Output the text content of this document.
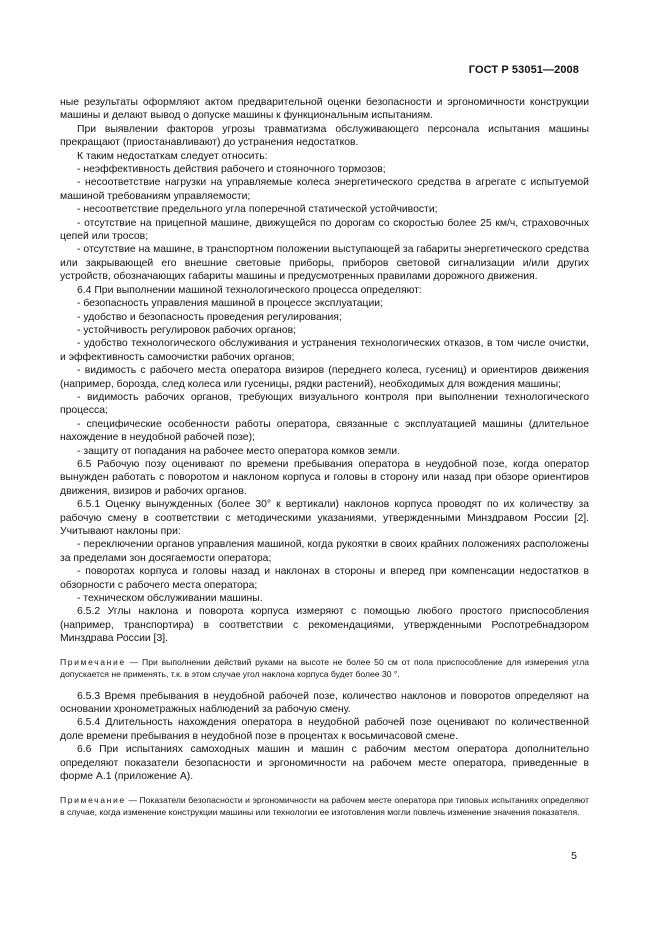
ГОСТ Р 53051—2008

ные результаты оформляют актом предварительной оценки безопасности и эргономичности конструкции машины и делают вывод о допуске машины к функциональным испытаниям.

При выявлении факторов угрозы травматизма обслуживающего персонала испытания машины прекращают (приостанавливают) до устранения недостатков.

К таким недостаткам следует относить:

- неэффективность действия рабочего и стояночного тормозов;

- несоответствие нагрузки на управляемые колеса энергетического средства в агрегате с испытуемой машиной требованиям управляемости;

- несоответствие предельного угла поперечной статической устойчивости;

- отсутствие на прицепной машине, движущейся по дорогам со скоростью более 25 км/ч, страховочных цепей или тросов;

- отсутствие на машине, в транспортном положении выступающей за габариты энергетического средства или закрывающей его внешние световые приборы, приборов световой сигнализации и/или других устройств, обозначающих габариты машины и предусмотренных правилами дорожного движения.

6.4 При выполнении машиной технологического процесса определяют:

- безопасность управления машиной в процессе эксплуатации;

- удобство и безопасность проведения регулирования;

- устойчивость регулировок рабочих органов;

- удобство технологического обслуживания и устранения технологических отказов, в том числе очистки, и эффективность самоочистки рабочих органов;

- видимость с рабочего места оператора визиров (переднего колеса, гусениц) и ориентиров движения (например, борозда, след колеса или гусеницы, рядки растений), необходимых для вождения машины;

- видимость рабочих органов, требующих визуального контроля при выполнении технологического процесса;

- специфические особенности работы оператора, связанные с эксплуатацией машины (длительное нахождение в неудобной рабочей позе);

- защиту от попадания на рабочее место оператора комков земли.

6.5 Рабочую позу оценивают по времени пребывания оператора в неудобной позе, когда оператор вынужден работать с поворотом и наклоном корпуса и головы в сторону или назад при обзоре ориентиров движения, визиров и рабочих органов.

6.5.1 Оценку вынужденных (более 30° к вертикали) наклонов корпуса проводят по их количеству за рабочую смену в соответствии с методическими указаниями, утвержденными Минздравом России [2]. Учитывают наклоны при:

- переключении органов управления машиной, когда рукоятки в своих крайних положениях расположены за пределами зон досягаемости оператора;

- поворотах корпуса и головы назад и наклонах в стороны и вперед при компенсации недостатков в обзорности с рабочего места оператора;

- техническом обслуживании машины.

6.5.2 Углы наклона и поворота корпуса измеряют с помощью любого простого приспособления (например, транспортира) в соответствии с рекомендациями, утвержденными Роспотребнадзором Минздрава России [3].

Примечание — При выполнении действий руками на высоте не более 50 см от пола приспособление для измерения угла допускается не применять, т.к. в этом случае угол наклона корпуса будет более 30 °.

6.5.3 Время пребывания в неудобной рабочей позе, количество наклонов и поворотов определяют на основании хронометражных наблюдений за рабочую смену.

6.5.4 Длительность нахождения оператора в неудобной рабочей позе оценивают по количественной доле времени пребывания в неудобной позе в процентах к восьмичасовой смене.

6.6 При испытаниях самоходных машин и машин с рабочим местом оператора дополнительно определяют показатели безопасности и эргономичности на рабочем месте оператора, приведенные в форме А.1 (приложение А).

Примечание — Показатели безопасности и эргономичности на рабочем месте оператора при типовых испытаниях определяют в случае, когда изменение конструкции машины или технологии ее изготовления могли повлечь изменение значения показателя.

5
